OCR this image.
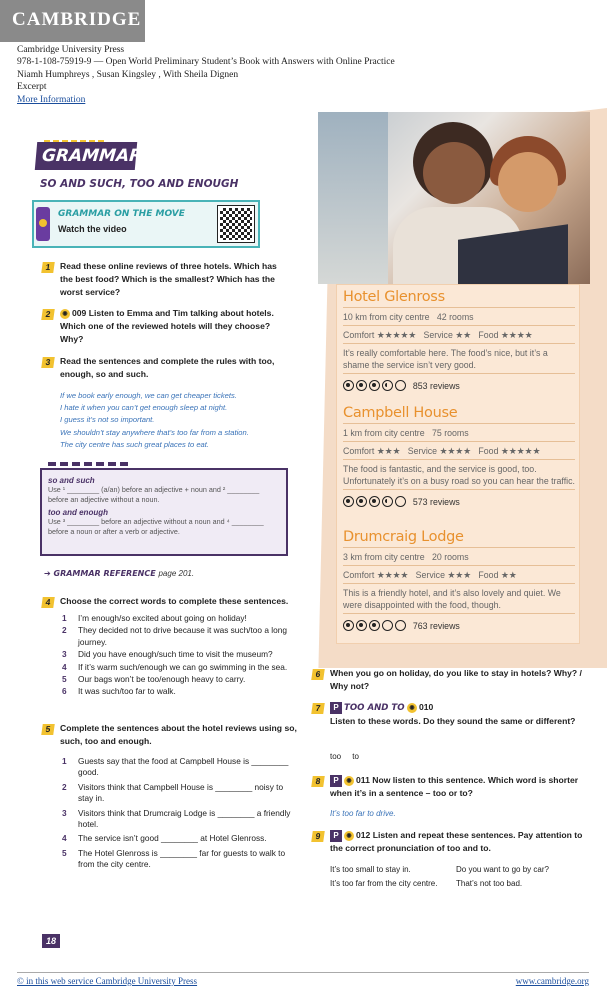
CAMBRIDGE
Cambridge University Press
978-1-108-75919-9 — Open World Preliminary Student’s Book with Answers with Online Practice
Niamh Humphreys , Susan Kingsley , With Sheila Dignen
Excerpt
More Information
Hotel Glenross
10 km from city centre 42 rooms
Comfort ★★★★★ Service ★★ Food ★★★★
It’s really comfortable here. The food’s nice, but it’s a shame the service isn’t very good.

853 reviews
Campbell House
1 km from city centre 75 rooms
Comfort ★★★ Service ★★★★ Food ★★★★★
The food is fantastic, and the service is good, too. Unfortunately it’s on a busy road so you can hear the traffic.

573 reviews
Drumcraig Lodge
3 km from city centre 20 rooms
Comfort ★★★★ Service ★★★ Food ★★
This is a friendly hotel, and it’s also lovely and quiet. We were disappointed with the food, though.

763 reviews
GRAMMAR
SO AND SUCH, TOO AND ENOUGH
GRAMMAR ON THE MOVE
Watch the video
1	Read these online reviews of three hotels. Which has the best food? Which is the smallest? Which has the worst service?
2	◉ 009 Listen to Emma and Tim talking about hotels. Which one of the reviewed hotels will they choose? Why?
3	Read the sentences and complete the rules with too, enough, so and such.
If we book early enough, we can get cheaper tickets.
I hate it when you can’t get enough sleep at night.
I guess it’s not so important.
We shouldn’t stay anywhere that’s too far from a station.
The city centre has such great places to eat.
so and such
Use ¹ ________ (a/an) before an adjective + noun and ² ________ before an adjective without a noun.
too and enough
Use ³ ________ before an adjective without a noun and ⁴ ________ before a noun or after a verb or adjective.
➔ GRAMMAR REFERENCE page 201.
4	Choose the correct words to complete these sentences.
1	I’m enough/so excited about going on holiday!
2	They decided not to drive because it was such/too a long journey.
3	Did you have enough/such time to visit the museum?
4	If it’s warm such/enough we can go swimming in the sea.
5	Our bags won’t be too/enough heavy to carry.
6	It was such/too far to walk.
5	Complete the sentences about the hotel reviews using so, such, too and enough.
1	Guests say that the food at Campbell House is ________ good.
2	Visitors think that Campbell House is ________ noisy to stay in.
3	Visitors think that Drumcraig Lodge is ________ a friendly hotel.
4	The service isn’t good ________ at Hotel Glenross.
5	The Hotel Glenross is ________ far for guests to walk to from the city centre.
6	When you go on holiday, do you like to stay in hotels? Why? / Why not?
7	P TOO AND TO ◉ 010
Listen to these words. Do they sound the same or different?
too     to
8	P ◉ 011 Now listen to this sentence. Which word is shorter when it’s in a sentence – too or to?
It’s too far to drive.
9	P ◉ 012 Listen and repeat these sentences. Pay attention to the correct pronunciation of too and to.
It’s too small to stay in.	Do you want to go by car?
It’s too far from the city centre. That’s not too bad.
18
© in this web service Cambridge University Press	www.cambridge.org
